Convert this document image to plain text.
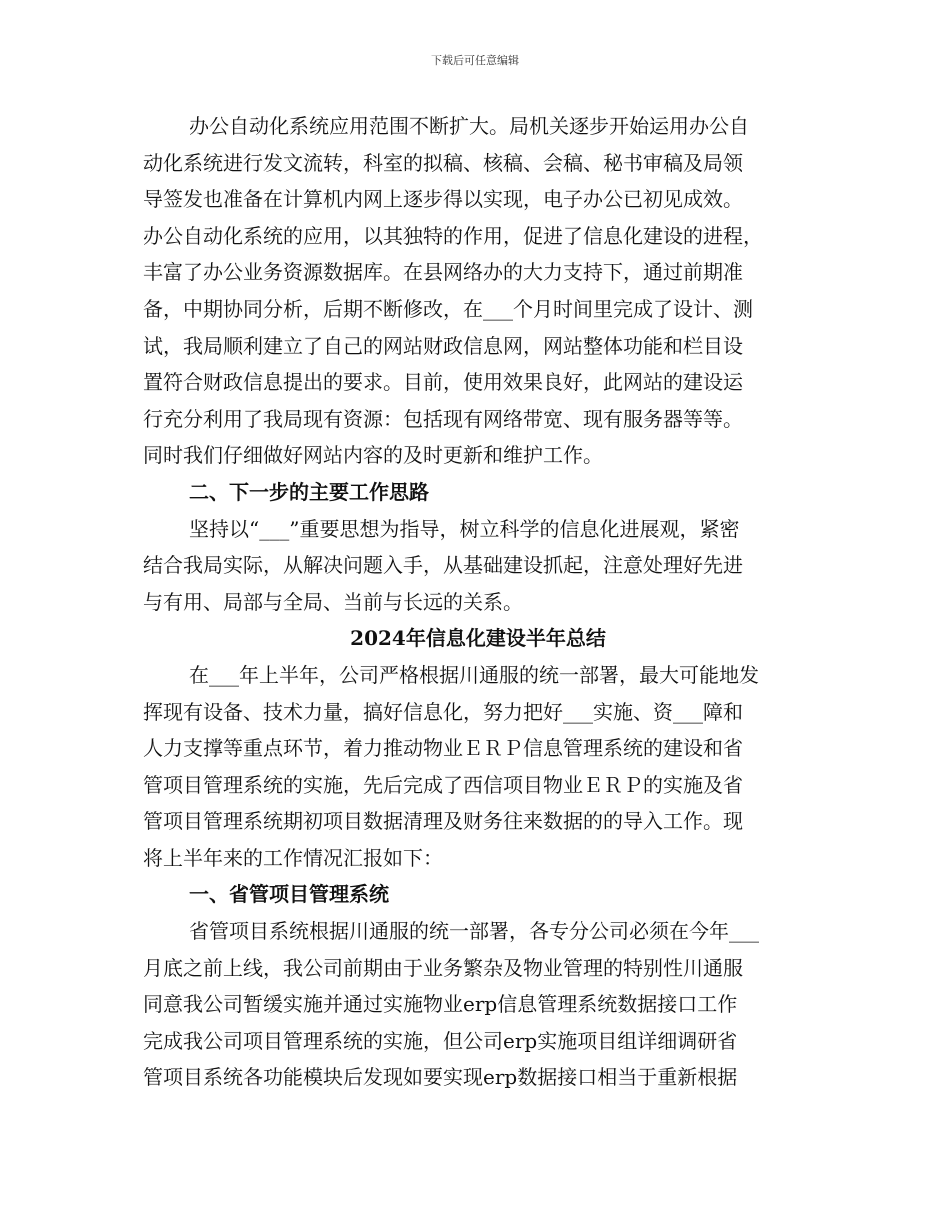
下载后可任意编辑
办公自动化系统应用范围不断扩大。局机关逐步开始运用办公自
动化系统进行发文流转，科室的拟稿、核稿、会稿、秘书审稿及局领
导签发也准备在计算机内网上逐步得以实现，电子办公已初见成效。
办公自动化系统的应用，以其独特的作用，促进了信息化建设的进程，
丰富了办公业务资源数据库。在县网络办的大力支持下，通过前期准
备，中期协同分析，后期不断修改，在___个月时间里完成了设计、测
试，我局顺利建立了自己的网站财政信息网，网站整体功能和栏目设
置符合财政信息提出的要求。目前，使用效果良好，此网站的建设运
行充分利用了我局现有资源：包括现有网络带宽、现有服务器等等。
同时我们仔细做好网站内容的及时更新和维护工作。
二、下一步的主要工作思路
坚持以“___”重要思想为指导，树立科学的信息化进展观，紧密
结合我局实际，从解决问题入手，从基础建设抓起，注意处理好先进
与有用、局部与全局、当前与长远的关系。
2024年信息化建设半年总结
在___年上半年，公司严格根据川通服的统一部署，最大可能地发
挥现有设备、技术力量，搞好信息化，努力把好___实施、资___障和
人力支撑等重点环节，着力推动物业ＥＲＰ信息管理系统的建设和省
管项目管理系统的实施，先后完成了西信项目物业ＥＲＰ的实施及省
管项目管理系统期初项目数据清理及财务往来数据的的导入工作。现
将上半年来的工作情况汇报如下：
一、省管项目管理系统
省管项目系统根据川通服的统一部署，各专分公司必须在今年___
月底之前上线，我公司前期由于业务繁杂及物业管理的特别性川通服
同意我公司暂缓实施并通过实施物业erp信息管理系统数据接口工作
完成我公司项目管理系统的实施，但公司erp实施项目组详细调研省
管项目系统各功能模块后发现如要实现erp数据接口相当于重新根据
